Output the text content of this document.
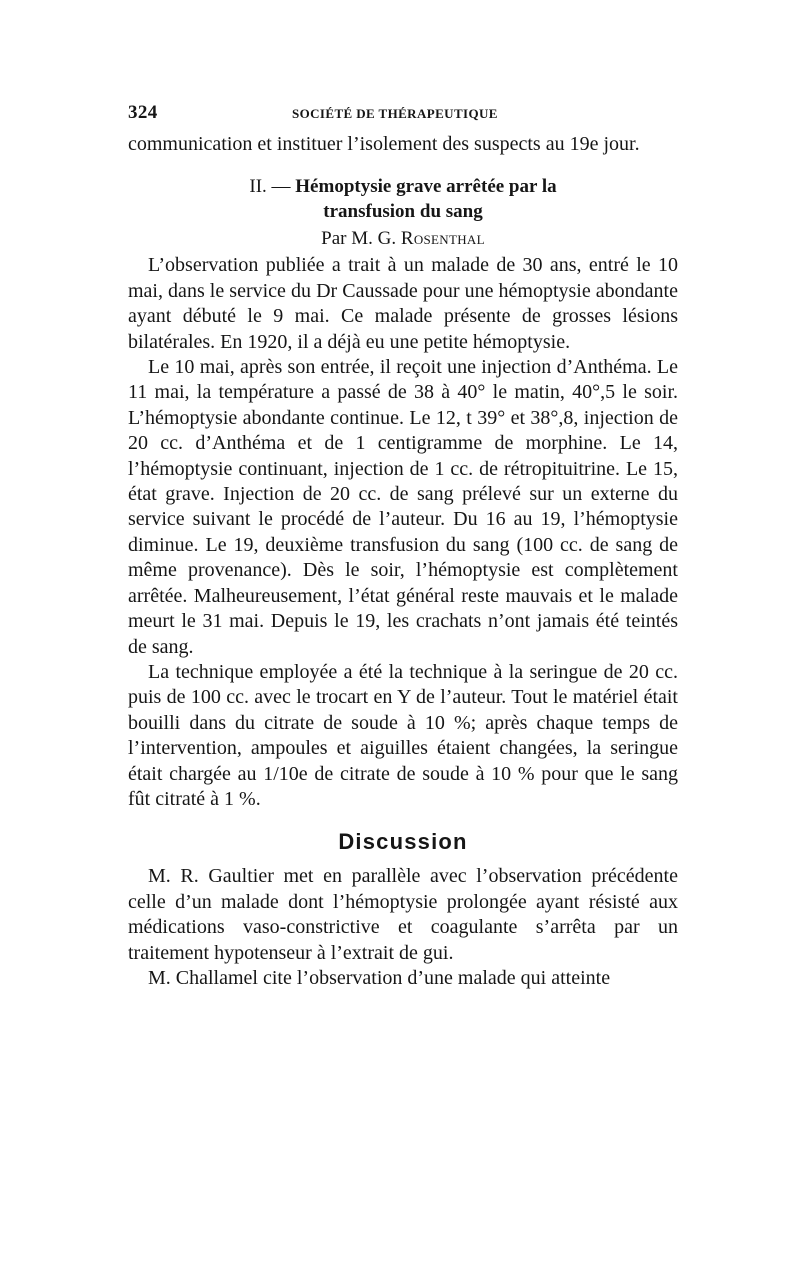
324	SOCIÉTÉ DE THÉRAPEUTIQUE

communication et instituer l’isolement des suspects au 19e jour.

II. — Hémoptysie grave arrêtée par la
transfusion du sang
Par M. G. Rosenthal

L’observation publiée a trait à un malade de 30 ans, entré le 10 mai, dans le service du Dr Caussade pour une hémoptysie abondante ayant débuté le 9 mai. Ce malade présente de grosses lésions bilatérales. En 1920, il a déjà eu une petite hémoptysie.

Le 10 mai, après son entrée, il reçoit une injection d’Anthéma. Le 11 mai, la température a passé de 38 à 40° le matin, 40°,5 le soir. L’hémoptysie abondante continue. Le 12, t 39° et 38°,8, injection de 20 cc. d’Anthéma et de 1 centigramme de morphine. Le 14, l’hémoptysie continuant, injection de 1 cc. de rétropituitrine. Le 15, état grave. Injection de 20 cc. de sang prélevé sur un externe du service suivant le procédé de l’auteur. Du 16 au 19, l’hémoptysie diminue. Le 19, deuxième transfusion du sang (100 cc. de sang de même provenance). Dès le soir, l’hémoptysie est complètement arrêtée. Malheureusement, l’état général reste mauvais et le malade meurt le 31 mai. Depuis le 19, les crachats n’ont jamais été teintés de sang.

La technique employée a été la technique à la seringue de 20 cc. puis de 100 cc. avec le trocart en Y de l’auteur. Tout le matériel était bouilli dans du citrate de soude à 10 %; après chaque temps de l’intervention, ampoules et aiguilles étaient changées, la seringue était chargée au 1/10e de citrate de soude à 10 % pour que le sang fût citraté à 1 %.

Discussion

M. R. Gaultier met en parallèle avec l’observation précédente celle d’un malade dont l’hémoptysie prolongée ayant résisté aux médications vaso-constrictive et coagulante s’arrêta par un traitement hypotenseur à l’extrait de gui.

M. Challamel cite l’observation d’une malade qui atteinte
